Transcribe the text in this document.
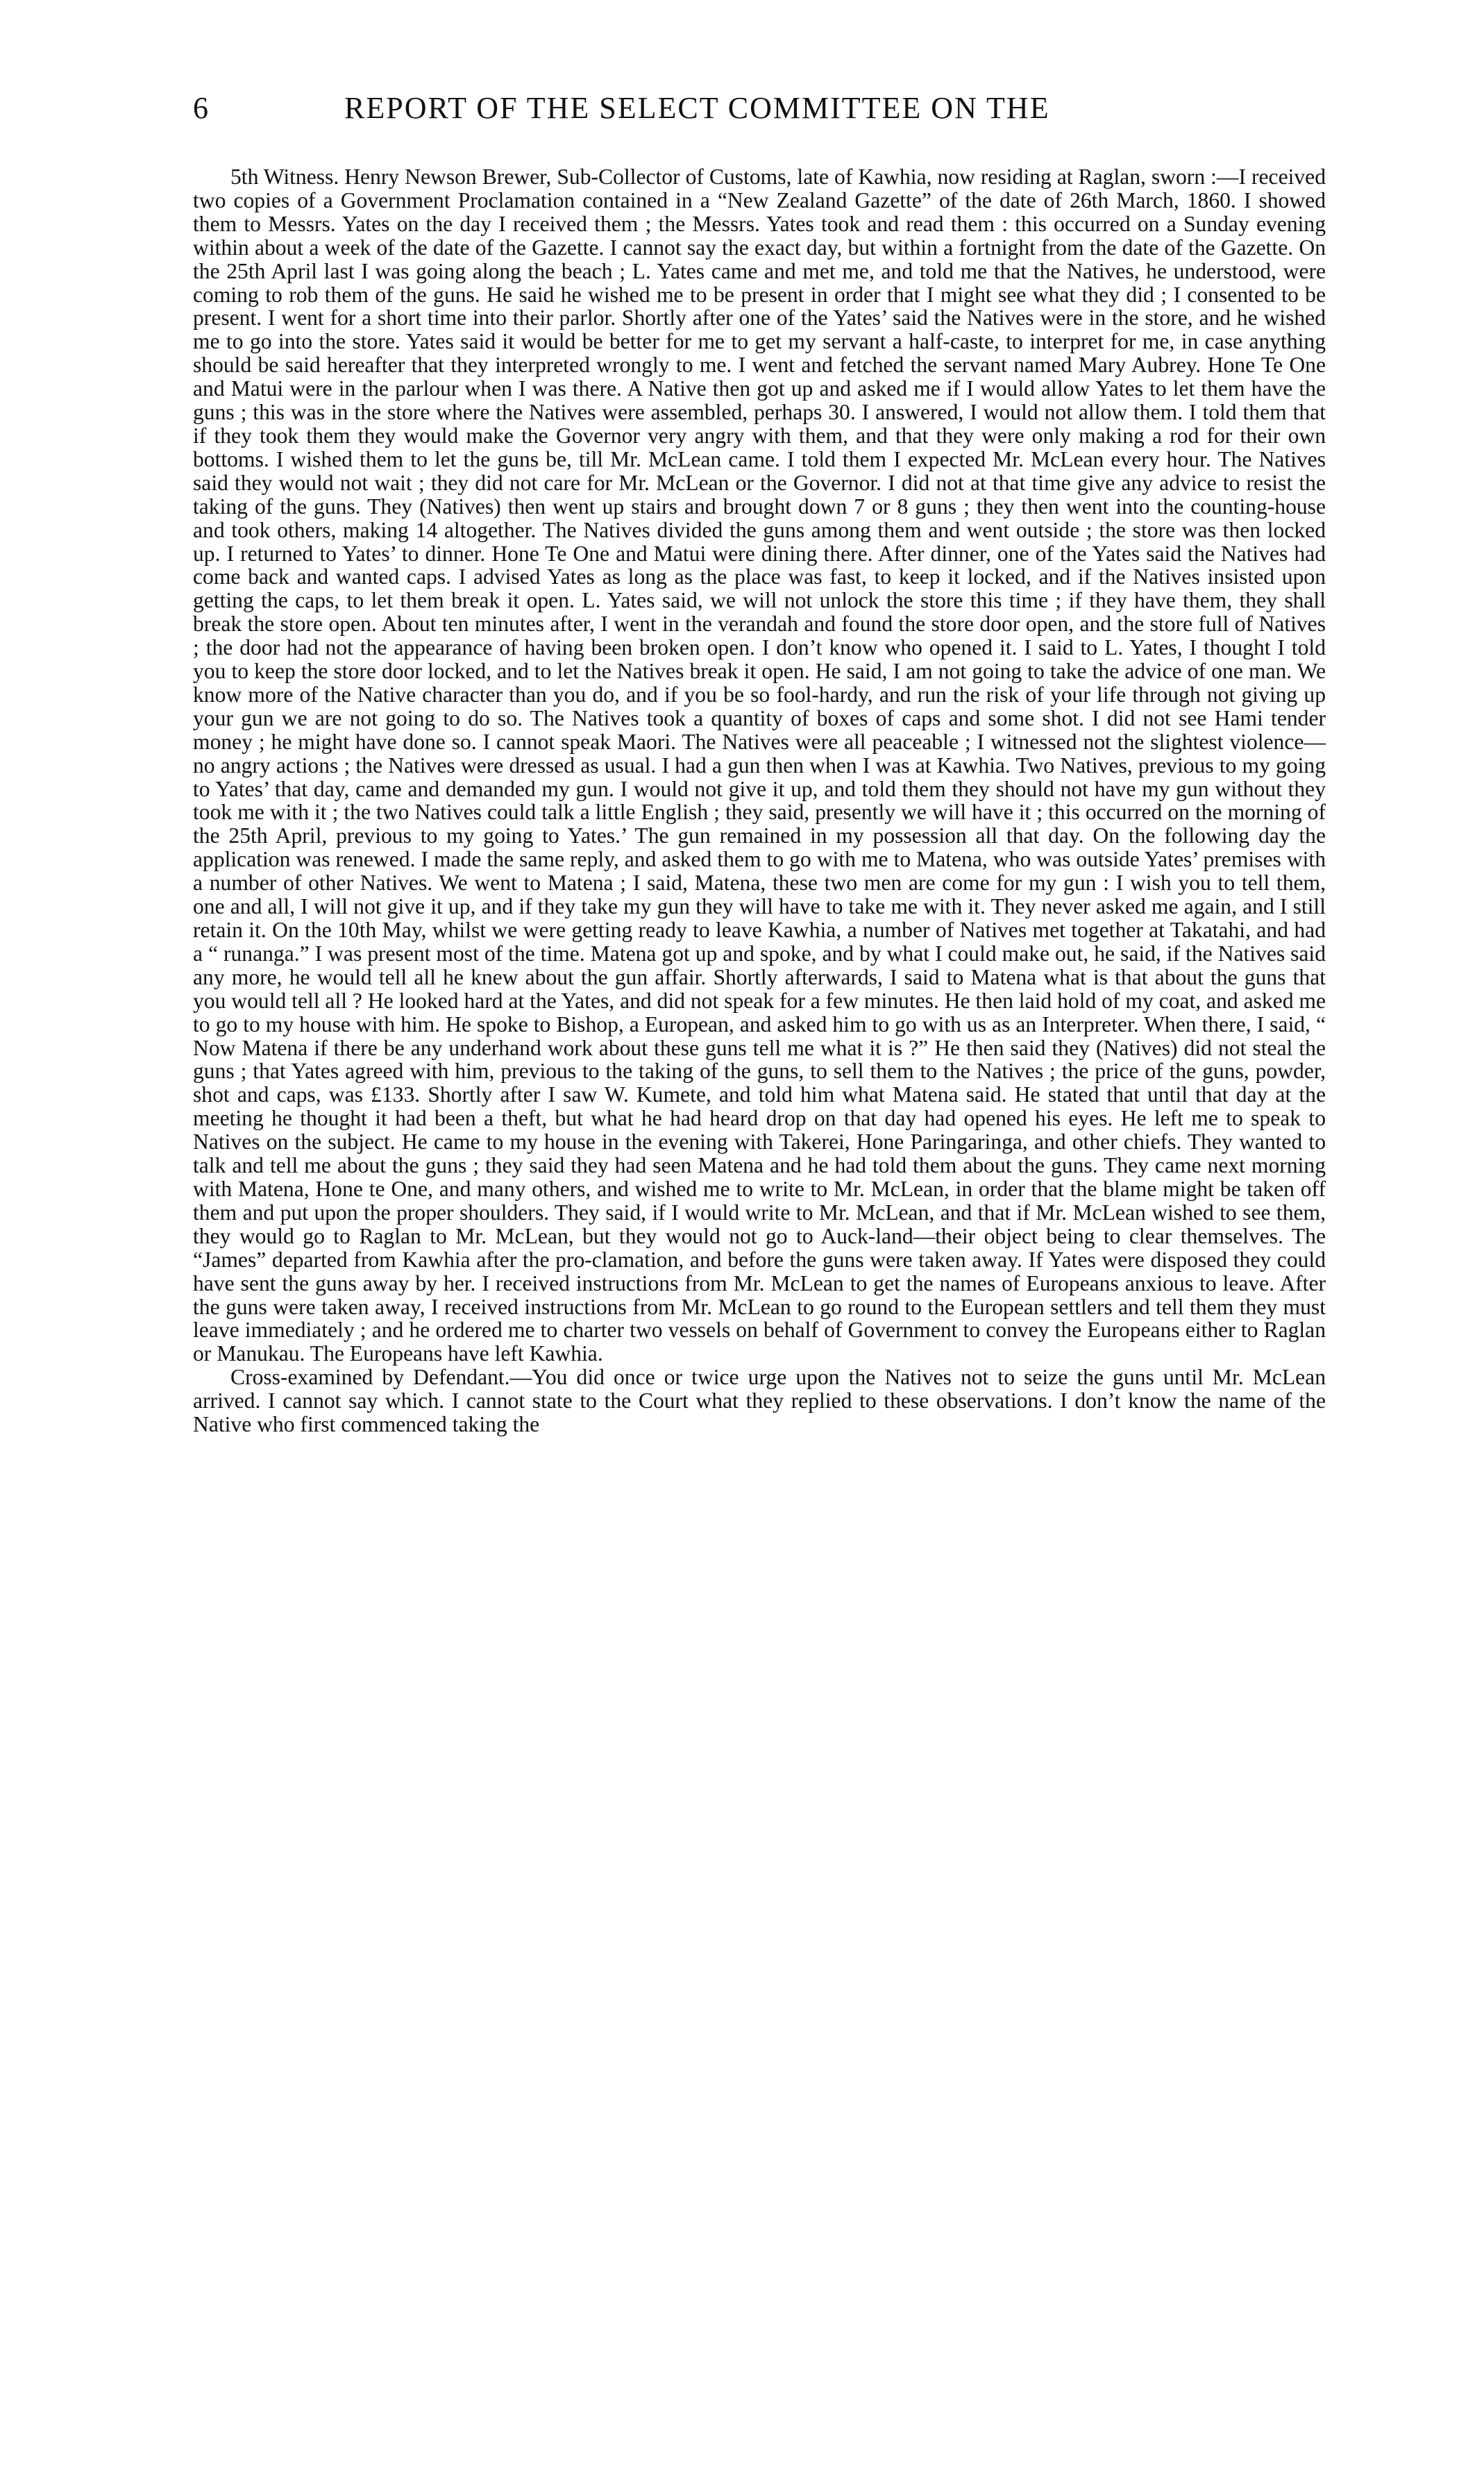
6	REPORT OF THE SELECT COMMITTEE ON THE

5th Witness. Henry Newson Brewer, Sub-Collector of Customs, late of Kawhia, now residing at Raglan, sworn :—I received two copies of a Government Proclamation contained in a “New Zealand Gazette” of the date of 26th March, 1860. I showed them to Messrs. Yates on the day I received them ; the Messrs. Yates took and read them : this occurred on a Sunday evening within about a week of the date of the Gazette. I cannot say the exact day, but within a fortnight from the date of the Gazette. On the 25th April last I was going along the beach ; L. Yates came and met me, and told me that the Natives, he understood, were coming to rob them of the guns. He said he wished me to be present in order that I might see what they did ; I consented to be present. I went for a short time into their parlor. Shortly after one of the Yates’ said the Natives were in the store, and he wished me to go into the store. Yates said it would be better for me to get my servant a half-caste, to interpret for me, in case anything should be said hereafter that they interpreted wrongly to me. I went and fetched the servant named Mary Aubrey. Hone Te One and Matui were in the parlour when I was there. A Native then got up and asked me if I would allow Yates to let them have the guns ; this was in the store where the Natives were assembled, perhaps 30. I answered, I would not allow them. I told them that if they took them they would make the Governor very angry with them, and that they were only making a rod for their own bottoms. I wished them to let the guns be, till Mr. McLean came. I told them I expected Mr. McLean every hour. The Natives said they would not wait ; they did not care for Mr. McLean or the Governor. I did not at that time give any advice to resist the taking of the guns. They (Natives) then went up stairs and brought down 7 or 8 guns ; they then went into the counting-house and took others, making 14 altogether. The Natives divided the guns among them and went outside ; the store was then locked up. I returned to Yates’ to dinner. Hone Te One and Matui were dining there. After dinner, one of the Yates said the Natives had come back and wanted caps. I advised Yates as long as the place was fast, to keep it locked, and if the Natives insisted upon getting the caps, to let them break it open. L. Yates said, we will not unlock the store this time ; if they have them, they shall break the store open. About ten minutes after, I went in the verandah and found the store door open, and the store full of Natives ; the door had not the appearance of having been broken open. I don’t know who opened it. I said to L. Yates, I thought I told you to keep the store door locked, and to let the Natives break it open. He said, I am not going to take the advice of one man. We know more of the Native character than you do, and if you be so fool-hardy, and run the risk of your life through not giving up your gun we are not going to do so. The Natives took a quantity of boxes of caps and some shot. I did not see Hami tender money ; he might have done so. I cannot speak Maori. The Natives were all peaceable ; I witnessed not the slightest violence—no angry actions ; the Natives were dressed as usual. I had a gun then when I was at Kawhia. Two Natives, previous to my going to Yates’ that day, came and demanded my gun. I would not give it up, and told them they should not have my gun without they took me with it ; the two Natives could talk a little English ; they said, presently we will have it ; this occurred on the morning of the 25th April, previous to my going to Yates.’ The gun remained in my possession all that day. On the following day the application was renewed. I made the same reply, and asked them to go with me to Matena, who was outside Yates’ premises with a number of other Natives. We went to Matena ; I said, Matena, these two men are come for my gun : I wish you to tell them, one and all, I will not give it up, and if they take my gun they will have to take me with it. They never asked me again, and I still retain it. On the 10th May, whilst we were getting ready to leave Kawhia, a number of Natives met together at Takatahi, and had a “ runanga.” I was present most of the time. Matena got up and spoke, and by what I could make out, he said, if the Natives said any more, he would tell all he knew about the gun affair. Shortly afterwards, I said to Matena what is that about the guns that you would tell all ? He looked hard at the Yates, and did not speak for a few minutes. He then laid hold of my coat, and asked me to go to my house with him. He spoke to Bishop, a European, and asked him to go with us as an Interpreter. When there, I said, “ Now Matena if there be any underhand work about these guns tell me what it is ?” He then said they (Natives) did not steal the guns ; that Yates agreed with him, previous to the taking of the guns, to sell them to the Natives ; the price of the guns, powder, shot and caps, was £133. Shortly after I saw W. Kumete, and told him what Matena said. He stated that until that day at the meeting he thought it had been a theft, but what he had heard drop on that day had opened his eyes. He left me to speak to Natives on the subject. He came to my house in the evening with Takerei, Hone Paringaringa, and other chiefs. They wanted to talk and tell me about the guns ; they said they had seen Matena and he had told them about the guns. They came next morning with Matena, Hone te One, and many others, and wished me to write to Mr. McLean, in order that the blame might be taken off them and put upon the proper shoulders. They said, if I would write to Mr. McLean, and that if Mr. McLean wished to see them, they would go to Raglan to Mr. McLean, but they would not go to Auck-land—their object being to clear themselves. The “James” departed from Kawhia after the pro-clamation, and before the guns were taken away. If Yates were disposed they could have sent the guns away by her. I received instructions from Mr. McLean to get the names of Europeans anxious to leave. After the guns were taken away, I received instructions from Mr. McLean to go round to the European settlers and tell them they must leave immediately ; and he ordered me to charter two vessels on behalf of Government to convey the Europeans either to Raglan or Manukau. The Europeans have left Kawhia.

Cross-examined by Defendant.—You did once or twice urge upon the Natives not to seize the guns until Mr. McLean arrived. I cannot say which. I cannot state to the Court what they replied to these observations. I don’t know the name of the Native who first commenced taking the
